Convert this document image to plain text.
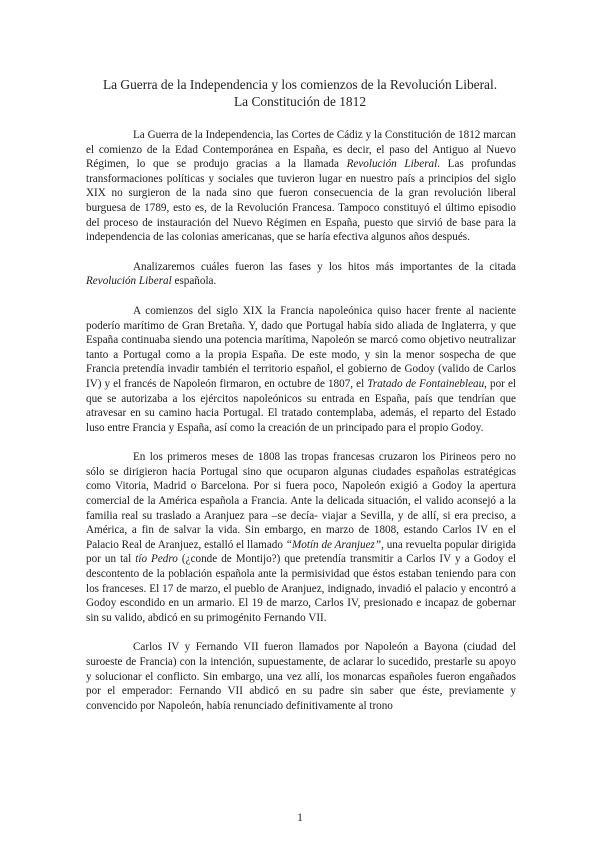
La Guerra de la Independencia y los comienzos de la Revolución Liberal.
La Constitución de 1812

La Guerra de la Independencia, las Cortes de Cádiz y la Constitución de 1812 marcan el comienzo de la Edad Contemporánea en España, es decir, el paso del Antiguo al Nuevo Régimen, lo que se produjo gracias a la llamada Revolución Liberal. Las profundas transformaciones políticas y sociales que tuvieron lugar en nuestro país a principios del siglo XIX no surgieron de la nada sino que fueron consecuencia de la gran revolución liberal burguesa de 1789, esto es, de la Revolución Francesa. Tampoco constituyó el último episodio del proceso de instauración del Nuevo Régimen en España, puesto que sirvió de base para la independencia de las colonias americanas, que se haría efectiva algunos años después.

Analizaremos cuáles fueron las fases y los hitos más importantes de la citada Revolución Liberal española.

A comienzos del siglo XIX la Francia napoleónica quiso hacer frente al naciente poderío marítimo de Gran Bretaña. Y, dado que Portugal había sido aliada de Inglaterra, y que España continuaba siendo una potencia marítima, Napoleón se marcó como objetivo neutralizar tanto a Portugal como a la propia España. De este modo, y sin la menor sospecha de que Francia pretendía invadir también el territorio español, el gobierno de Godoy (valido de Carlos IV) y el francés de Napoleón firmaron, en octubre de 1807, el Tratado de Fontainebleau, por el que se autorizaba a los ejércitos napoleónicos su entrada en España, país que tendrían que atravesar en su camino hacia Portugal. El tratado contemplaba, además, el reparto del Estado luso entre Francia y España, así como la creación de un principado para el propio Godoy.

En los primeros meses de 1808 las tropas francesas cruzaron los Pirineos pero no sólo se dirigieron hacia Portugal sino que ocuparon algunas ciudades españolas estratégicas como Vitoria, Madrid o Barcelona. Por si fuera poco, Napoleón exigió a Godoy la apertura comercial de la América española a Francia. Ante la delicada situación, el valido aconsejó a la familia real su traslado a Aranjuez para –se decía- viajar a Sevilla, y de allí, si era preciso, a América, a fin de salvar la vida. Sin embargo, en marzo de 1808, estando Carlos IV en el Palacio Real de Aranjuez, estalló el llamado “Motín de Aranjuez”, una revuelta popular dirigida por un tal tío Pedro (¿conde de Montijo?) que pretendía transmitir a Carlos IV y a Godoy el descontento de la población española ante la permisividad que éstos estaban teniendo para con los franceses. El 17 de marzo, el pueblo de Aranjuez, indignado, invadió el palacio y encontró a Godoy escondido en un armario. El 19 de marzo, Carlos IV, presionado e incapaz de gobernar sin su valido, abdicó en su primogénito Fernando VII.

Carlos IV y Fernando VII fueron llamados por Napoleón a Bayona (ciudad del suroeste de Francia) con la intención, supuestamente, de aclarar lo sucedido, prestarle su apoyo y solucionar el conflicto. Sin embargo, una vez allí, los monarcas españoles fueron engañados por el emperador: Fernando VII abdicó en su padre sin saber que éste, previamente y convencido por Napoleón, había renunciado definitivamente al trono

1
